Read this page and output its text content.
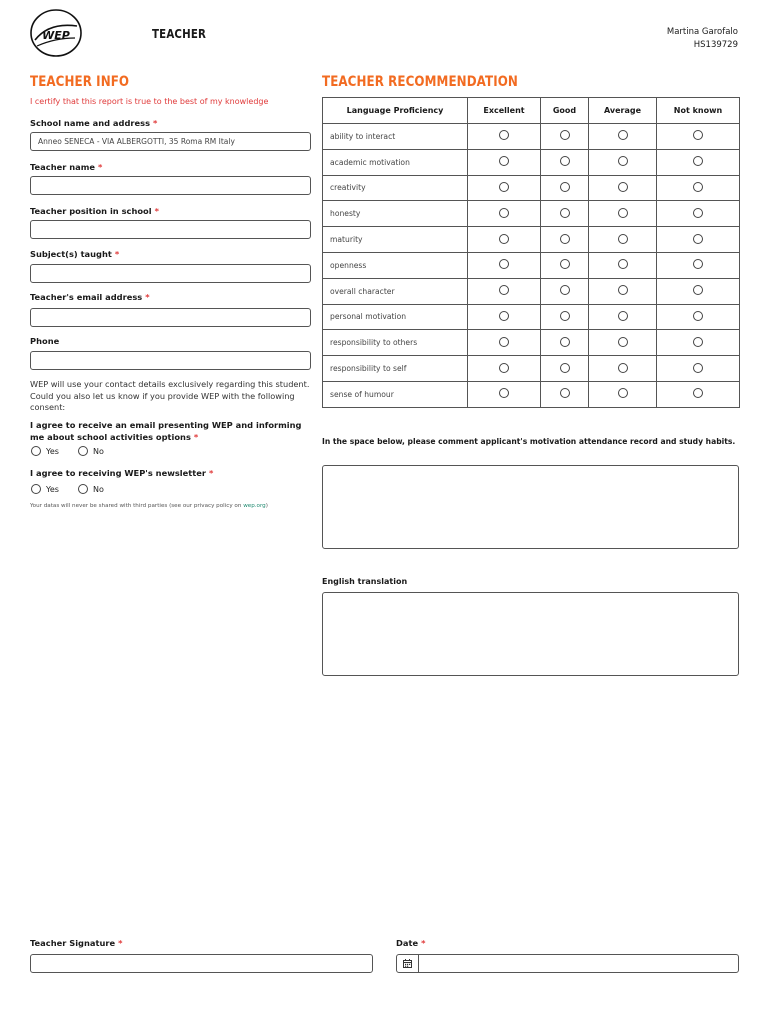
WEP	TEACHER	Martina Garofalo
HS139729
TEACHER INFO
I certify that this report is true to the best of my knowledge
School name and address *
Anneo SENECA - VIA ALBERGOTTI, 35 Roma RM Italy
Teacher name *
Teacher position in school *
Subject(s) taught *
Teacher's email address *
Phone
WEP will use your contact details exclusively regarding this student. Could you also let us know if you provide WEP with the following consent:
I agree to receive an email presenting WEP and informing me about school activities options *
Yes	No
I agree to receiving WEP's newsletter *
Yes	No
Your datas will never be shared with third parties (see our privacy policy on wep.org)
TEACHER RECOMMENDATION
Language Proficiency	Excellent	Good	Average	Not known
ability to interact				
academic motivation				
creativity				
honesty				
maturity				
openness				
overall character				
personal motivation				
responsibility to others				
responsibility to self				
sense of humour				
In the space below, please comment applicant's motivation attendance record and study habits.
English translation
Teacher Signature *	Date *
